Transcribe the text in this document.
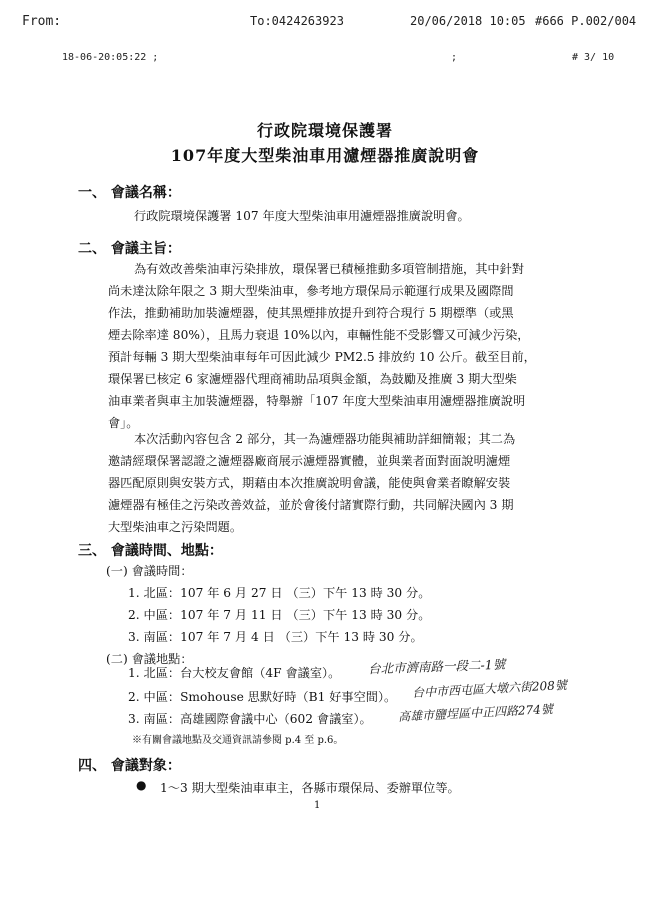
From:	To:0424263923	20/06/2018 10:05 #666 P.002/004
18-06-20:05:22 ;	;	# 3/ 10
行政院環境保護署
107年度大型柴油車用濾煙器推廣說明會
一、 會議名稱：
行政院環境保護署 107 年度大型柴油車用濾煙器推廣說明會。
二、 會議主旨：
為有效改善柴油車污染排放，環保署已積極推動多項管制措施，其中針對
尚未達汰除年限之 3 期大型柴油車，參考地方環保局示範運行成果及國際間
作法，推動補助加裝濾煙器，使其黑煙排放提升到符合現行 5 期標準（或黑
煙去除率達 80%），且馬力衰退 10%以內，車輛性能不受影響又可減少污染，
預計每輛 3 期大型柴油車每年可因此減少 PM2.5 排放約 10 公斤。截至目前，
環保署已核定 6 家濾煙器代理商補助品項與金額，為鼓勵及推廣 3 期大型柴
油車業者與車主加裝濾煙器，特舉辦「107 年度大型柴油車用濾煙器推廣說明
會」。
本次活動內容包含 2 部分，其一為濾煙器功能與補助詳細簡報；其二為
邀請經環保署認證之濾煙器廠商展示濾煙器實體，並與業者面對面說明濾煙
器匹配原則與安裝方式，期藉由本次推廣說明會議，能使與會業者瞭解安裝
濾煙器有極佳之污染改善效益，並於會後付諸實際行動，共同解決國內 3 期
大型柴油車之污染問題。
三、 會議時間、地點：
(一) 會議時間：
1. 北區：107 年 6 月 27 日 （三）下午 13 時 30 分。
2. 中區：107 年 7 月 11 日 （三）下午 13 時 30 分。
3. 南區：107 年 7 月 4 日 （三）下午 13 時 30 分。
(二) 會議地點：
1. 北區：台大校友會館（4F 會議室）。
2. 中區：Smohouse 思默好時（B1 好事空間）。
3. 南區：高雄國際會議中心（602 會議室）。
台北市濟南路一段二-1號
台中市西屯區大墩六街208號
高雄市鹽埕區中正四路274號
※有關會議地點及交通資訊請參閱 p.4 至 p.6。
四、 會議對象：
● 1～3 期大型柴油車車主，各縣市環保局、委辦單位等。
1
